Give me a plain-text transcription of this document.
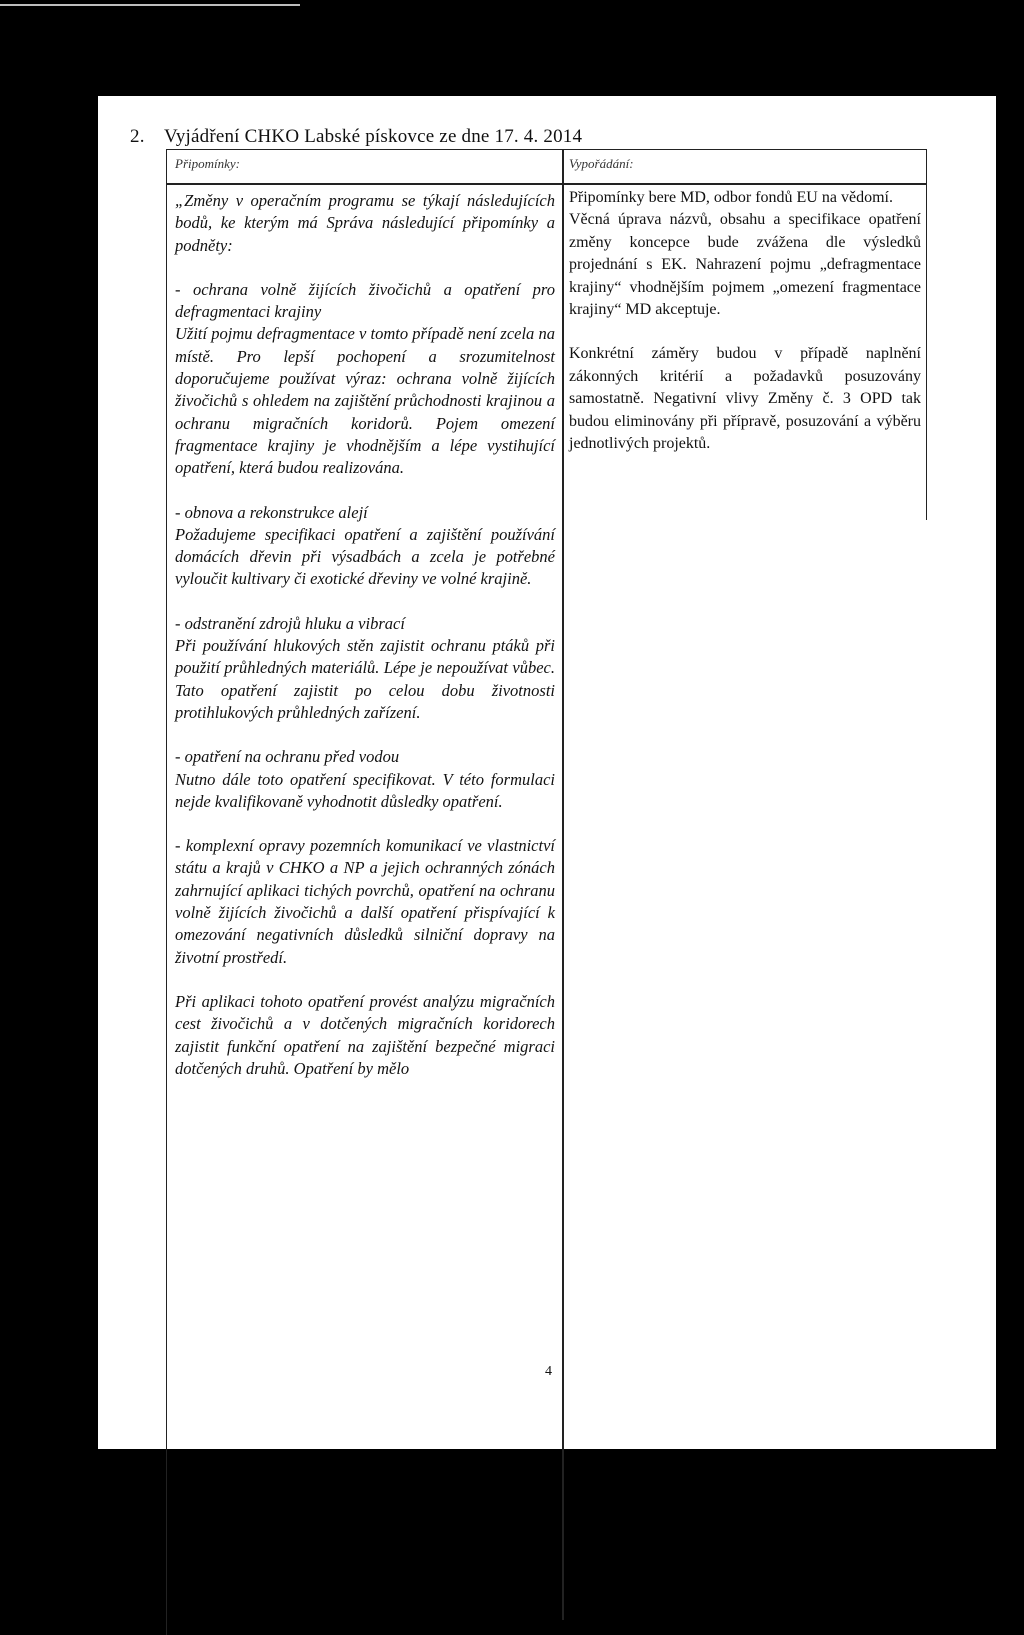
2. Vyjádření CHKO Labské pískovce ze dne 17. 4. 2014
Připomínky:	Vypořádání:

„Změny v operačním programu se týkají následujících bodů, ke kterým má Správa následující připomínky a podněty:

- ochrana volně žijících živočichů a opatření pro defragmentaci krajiny
Užití pojmu defragmentace v tomto případě není zcela na místě. Pro lepší pochopení a srozumitelnost doporučujeme používat výraz: ochrana volně žijících živočichů s ohledem na zajištění průchodnosti krajinou a ochranu migračních koridorů. Pojem omezení fragmentace krajiny je vhodnějším a lépe vystihující opatření, která budou realizována.

- obnova a rekonstrukce alejí
Požadujeme specifikaci opatření a zajištění používání domácích dřevin při výsadbách a zcela je potřebné vyloučit kultivary či exotické dřeviny ve volné krajině.

- odstranění zdrojů hluku a vibrací
Při používání hlukových stěn zajistit ochranu ptáků při použití průhledných materiálů. Lépe je nepoužívat vůbec. Tato opatření zajistit po celou dobu životnosti protihlukových průhledných zařízení.

- opatření na ochranu před vodou
Nutno dále toto opatření specifikovat. V této formulaci nejde kvalifikovaně vyhodnotit důsledky opatření.

- komplexní opravy pozemních komunikací ve vlastnictví státu a krajů v CHKO a NP a jejich ochranných zónách zahrnující aplikaci tichých povrchů, opatření na ochranu volně žijících živočichů a další opatření přispívající k omezování negativních důsledků silniční dopravy na životní prostředí.

Při aplikaci tohoto opatření provést analýzu migračních cest živočichů a v dotčených migračních koridorech zajistit funkční opatření na zajištění bezpečné migraci dotčených druhů. Opatření by mělo

Připomínky bere MD, odbor fondů EU na vědomí.
Věcná úprava názvů, obsahu a specifikace opatření změny koncepce bude zvážena dle výsledků projednání s EK. Nahrazení pojmu „defragmentace krajiny“ vhodnějším pojmem „omezení fragmentace krajiny“ MD akceptuje.

Konkrétní záměry budou v případě naplnění zákonných kritérií a požadavků posuzovány samostatně. Negativní vlivy Změny č. 3 OPD tak budou eliminovány při přípravě, posuzování a výběru jednotlivých projektů.

4
